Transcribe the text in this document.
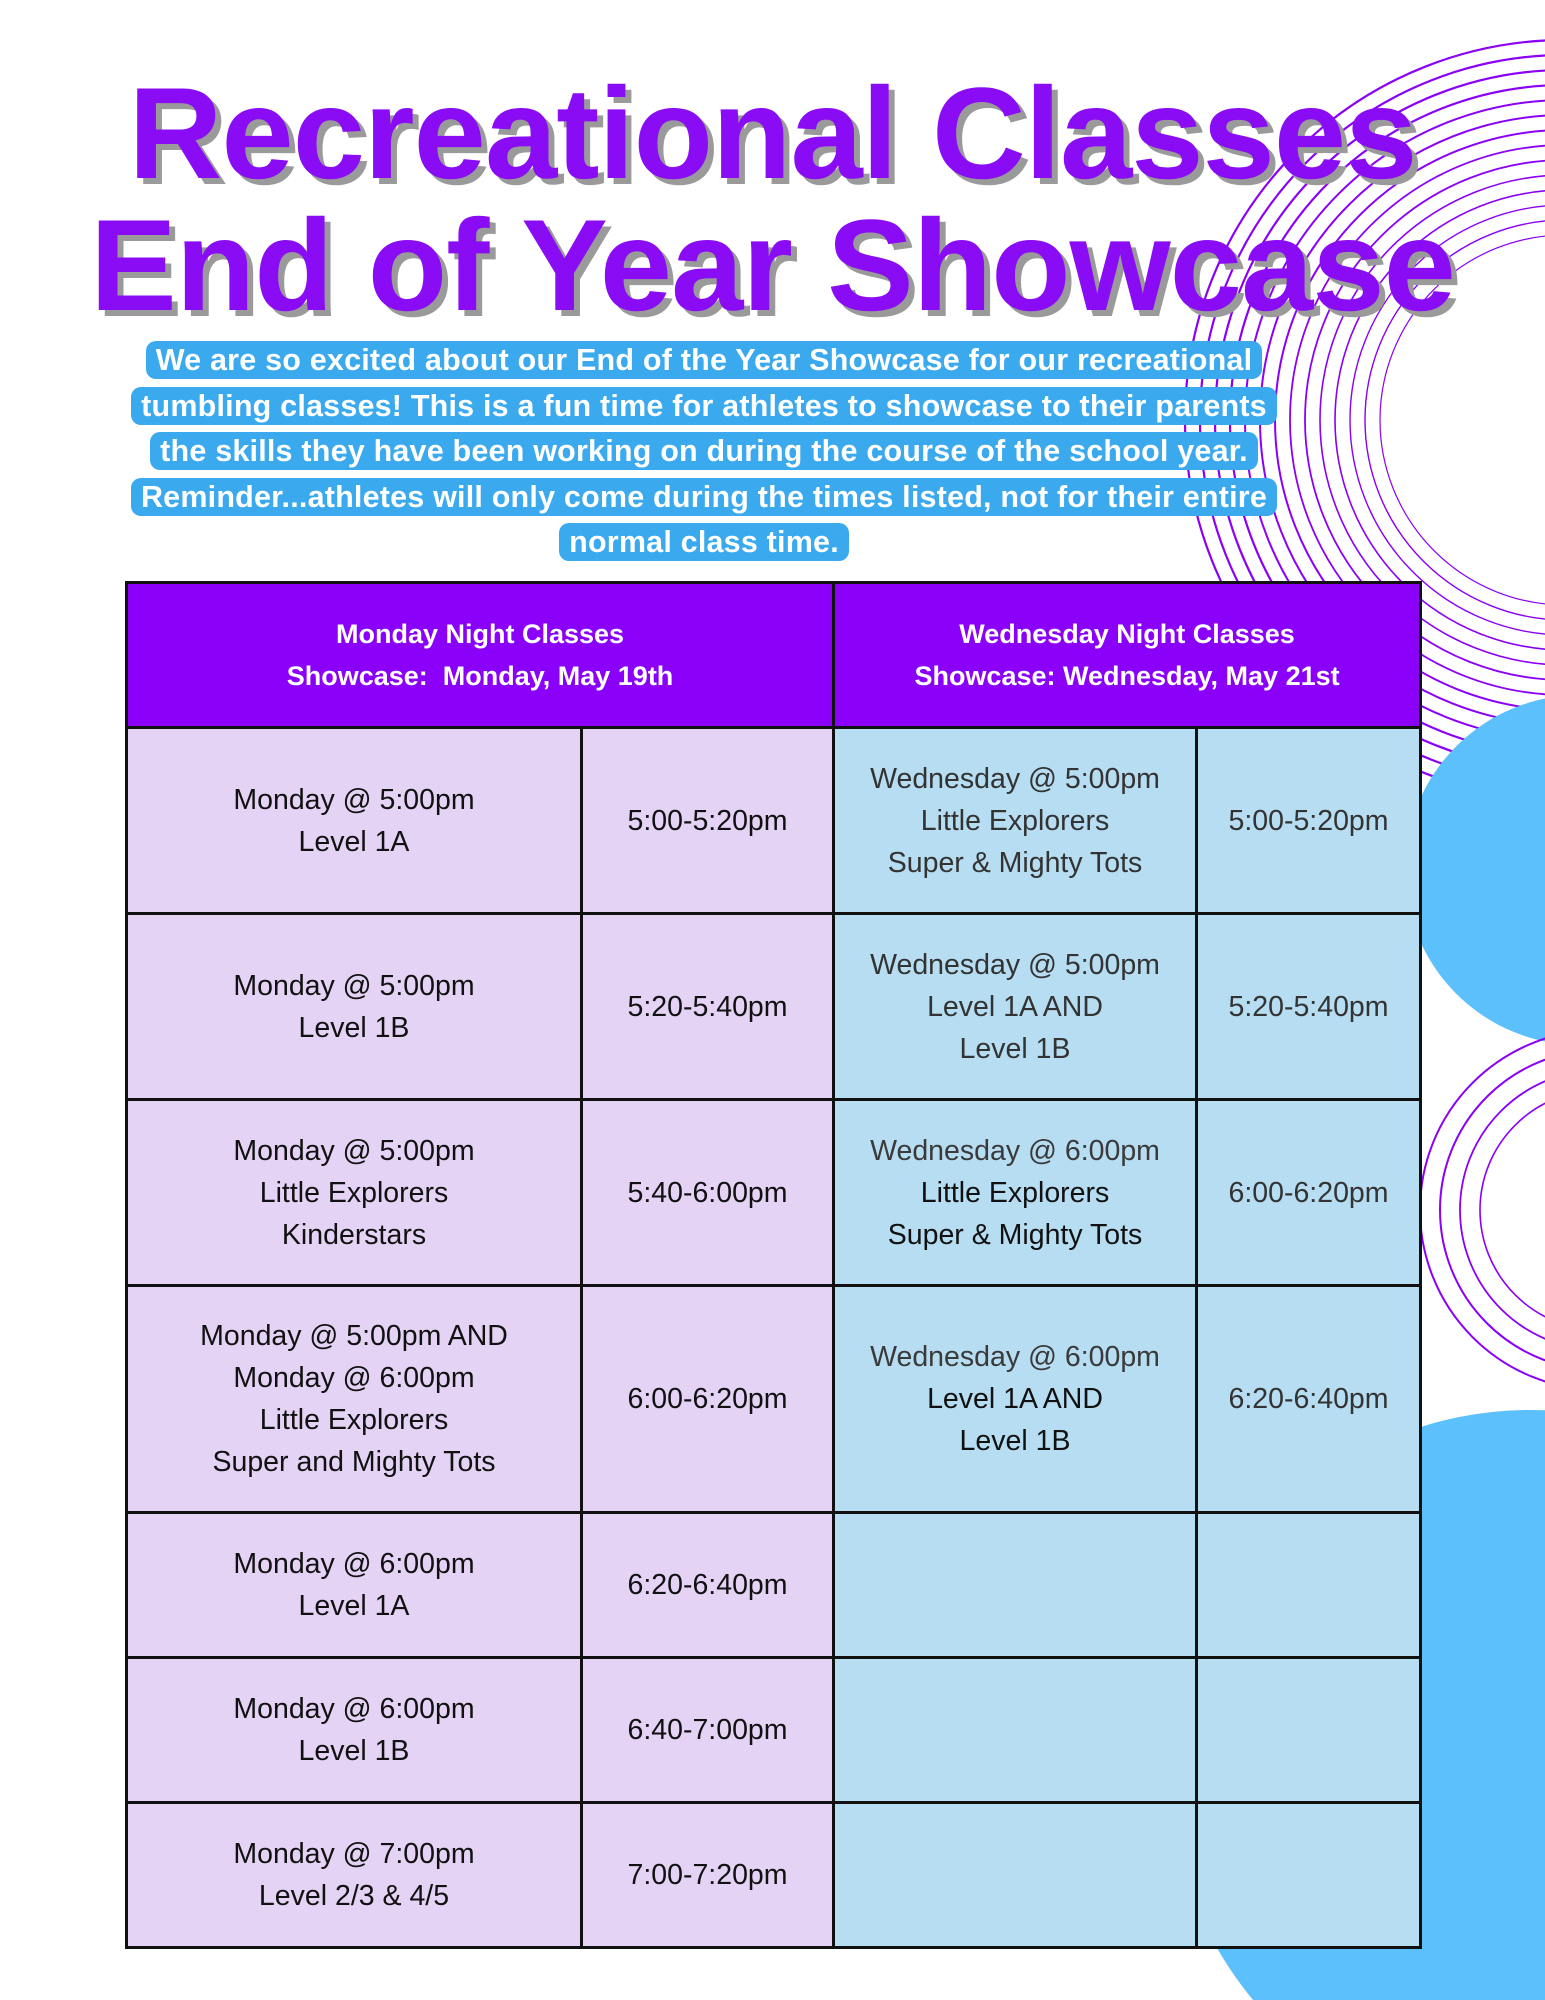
Recreational Classes
End of Year Showcase
We are so excited about our End of the Year Showcase for our recreational tumbling classes! This is a fun time for athletes to showcase to their parents the skills they have been working on during the course of the school year. Reminder...athletes will only come during the times listed, not for their entire normal class time.
Monday Night Classes
Showcase:  Monday, May 19th		Wednesday Night Classes
Showcase: Wednesday, May 21st	

Monday @ 5:00pm
Level 1A	5:00-5:20pm	Wednesday @ 5:00pm
Little Explorers
Super & Mighty Tots	5:00-5:20pm

Monday @ 5:00pm
Level 1B	5:20-5:40pm	Wednesday @ 5:00pm
Level 1A AND
Level 1B	5:20-5:40pm

Monday @ 5:00pm
Little Explorers
Kinderstars	5:40-6:00pm	Wednesday @ 6:00pm
Little Explorers
Super & Mighty Tots	6:00-6:20pm

Monday @ 5:00pm AND
Monday @ 6:00pm
Little Explorers
Super and Mighty Tots	6:00-6:20pm	Wednesday @ 6:00pm
Level 1A AND
Level 1B	6:20-6:40pm

Monday @ 6:00pm
Level 1A	6:20-6:40pm		

Monday @ 6:00pm
Level 1B	6:40-7:00pm		

Monday @ 7:00pm
Level 2/3 & 4/5	7:00-7:20pm		
